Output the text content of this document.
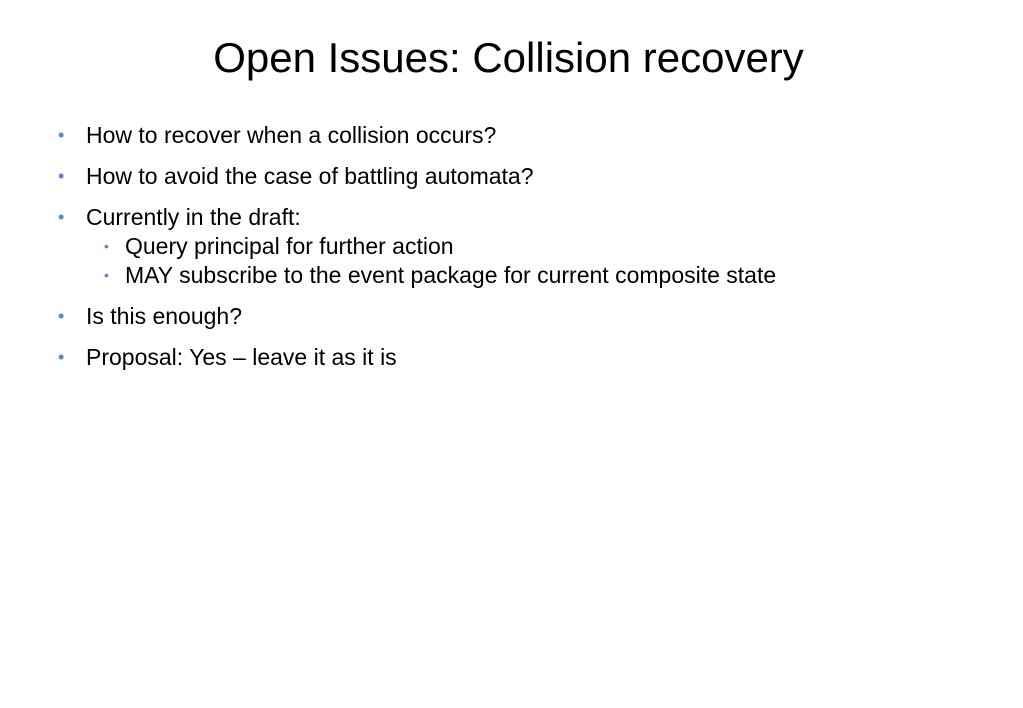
Open Issues: Collision recovery
• How to recover when a collision occurs?
• How to avoid the case of battling automata?
• Currently in the draft:
• Query principal for further action
• MAY subscribe to the event package for current composite state
• Is this enough?
• Proposal: Yes – leave it as it is
